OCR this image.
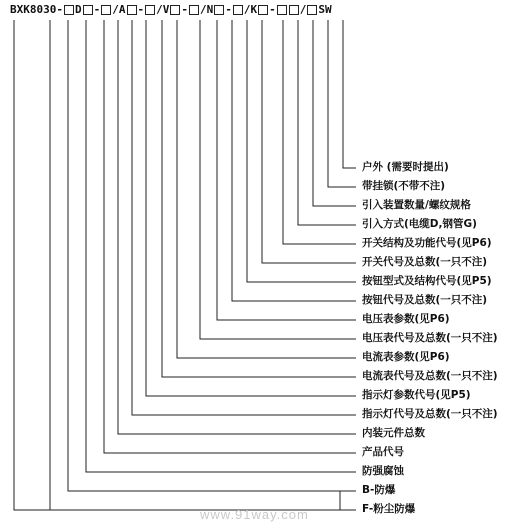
BXK8030- D - /A - /V - /N - /K - /SW
户外 (需要时提出)
带挂锁(不带不注)
引入装置数量/螺纹规格
引入方式(电缆D,钢管G)
开关结构及功能代号(见P6)
开关代号及总数(一只不注)
按钮型式及结构代号(见P5)
按钮代号及总数(一只不注)
电压表参数(见P6)
电压表代号及总数(一只不注)
电流表参数(见P6)
电流表代号及总数(一只不注)
指示灯参数代号(见P5)
指示灯代号及总数(一只不注)
内装元件总数
产品代号
防强腐蚀
B-防爆
F-粉尘防爆
www.91way.com
